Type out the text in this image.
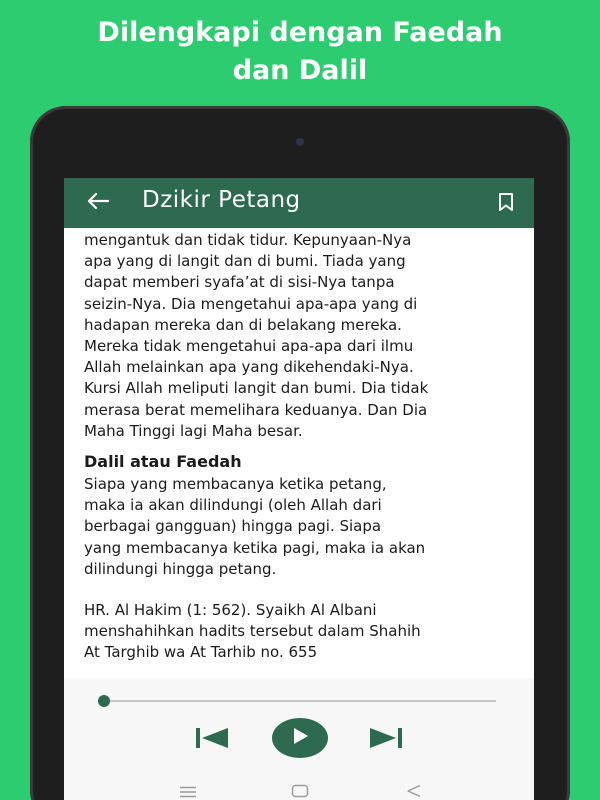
Dilengkapi dengan Faedah
dan Dalil
Dzikir Petang

mengantuk dan tidak tidur. Kepunyaan-Nya
apa yang di langit dan di bumi. Tiada yang
dapat memberi syafa’at di sisi-Nya tanpa
seizin-Nya. Dia mengetahui apa-apa yang di
hadapan mereka dan di belakang mereka.
Mereka tidak mengetahui apa-apa dari ilmu
Allah melainkan apa yang dikehendaki-Nya.
Kursi Allah meliputi langit dan bumi. Dia tidak
merasa berat memelihara keduanya. Dan Dia
Maha Tinggi lagi Maha besar.

Dalil atau Faedah

Siapa yang membacanya ketika petang,
maka ia akan dilindungi (oleh Allah dari
berbagai gangguan) hingga pagi. Siapa
yang membacanya ketika pagi, maka ia akan
dilindungi hingga petang.

HR. Al Hakim (1: 562). Syaikh Al Albani
menshahihkan hadits tersebut dalam Shahih
At Targhib wa At Tarhib no. 655
